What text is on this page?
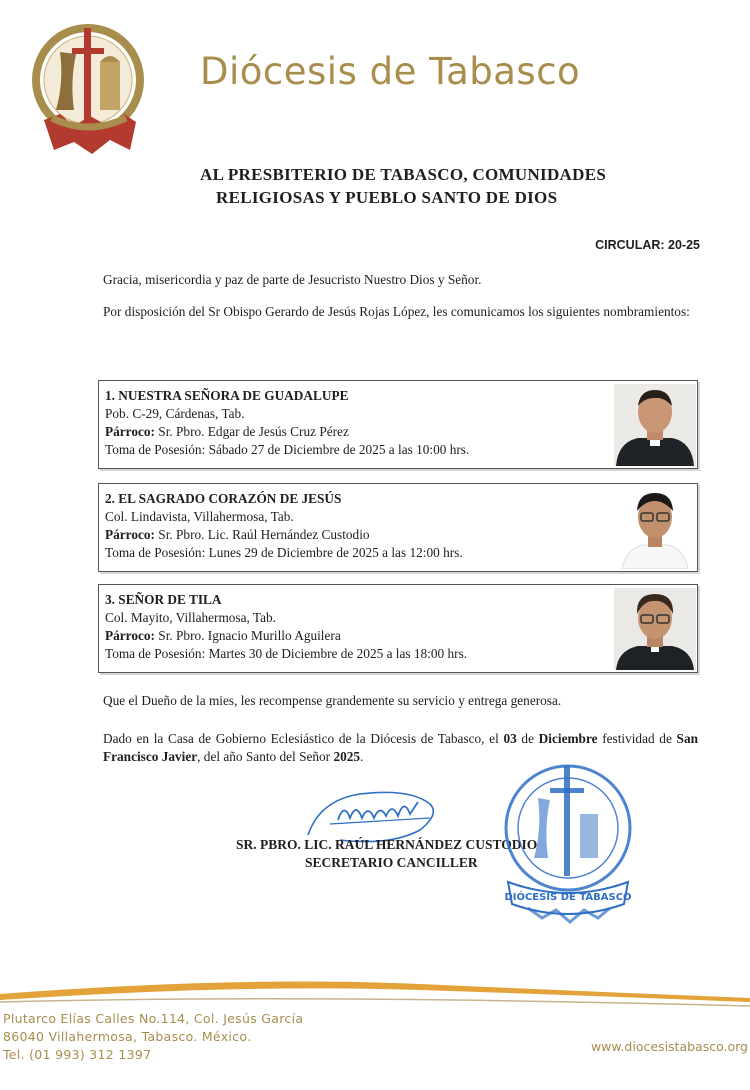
Diócesis de Tabasco
AL PRESBITERIO DE TABASCO, COMUNIDADES
RELIGIOSAS Y PUEBLO SANTO DE DIOS
CIRCULAR: 20-25
Gracia, misericordia y paz de parte de Jesucristo Nuestro Dios y Señor.
Por disposición del Sr Obispo Gerardo de Jesús Rojas López, les comunicamos los siguientes nombramientos:
1. NUESTRA SEÑORA DE GUADALUPE
Pob. C-29, Cárdenas, Tab.
Párroco: Sr. Pbro. Edgar de Jesús Cruz Pérez
Toma de Posesión: Sábado 27 de Diciembre de 2025 a las 10:00 hrs.
2. EL SAGRADO CORAZÓN DE JESÚS
Col. Lindavista, Villahermosa, Tab.
Párroco: Sr. Pbro. Lic. Raúl Hernández Custodio
Toma de Posesión: Lunes 29 de Diciembre de 2025 a las 12:00 hrs.
3. SEÑOR DE TILA
Col. Mayito, Villahermosa, Tab.
Párroco: Sr. Pbro. Ignacio Murillo Aguilera
Toma de Posesión: Martes 30 de Diciembre de 2025 a las 18:00 hrs.
Que el Dueño de la mies, les recompense grandemente su servicio y entrega generosa.
Dado en la Casa de Gobierno Eclesiástico de la Diócesis de Tabasco, el 03 de Diciembre festividad de San Francisco Javier, del año Santo del Señor 2025.
SR. PBRO. LIC. RAÚL HERNÁNDEZ CUSTODIO
SECRETARIO CANCILLER
DIÓCESIS DE TABASCO
Plutarco Elías Calles No.114, Col. Jesús García
86040 Villahermosa, Tabasco. México.
Tel. (01 993) 312 1397
www.diocesistabasco.org
